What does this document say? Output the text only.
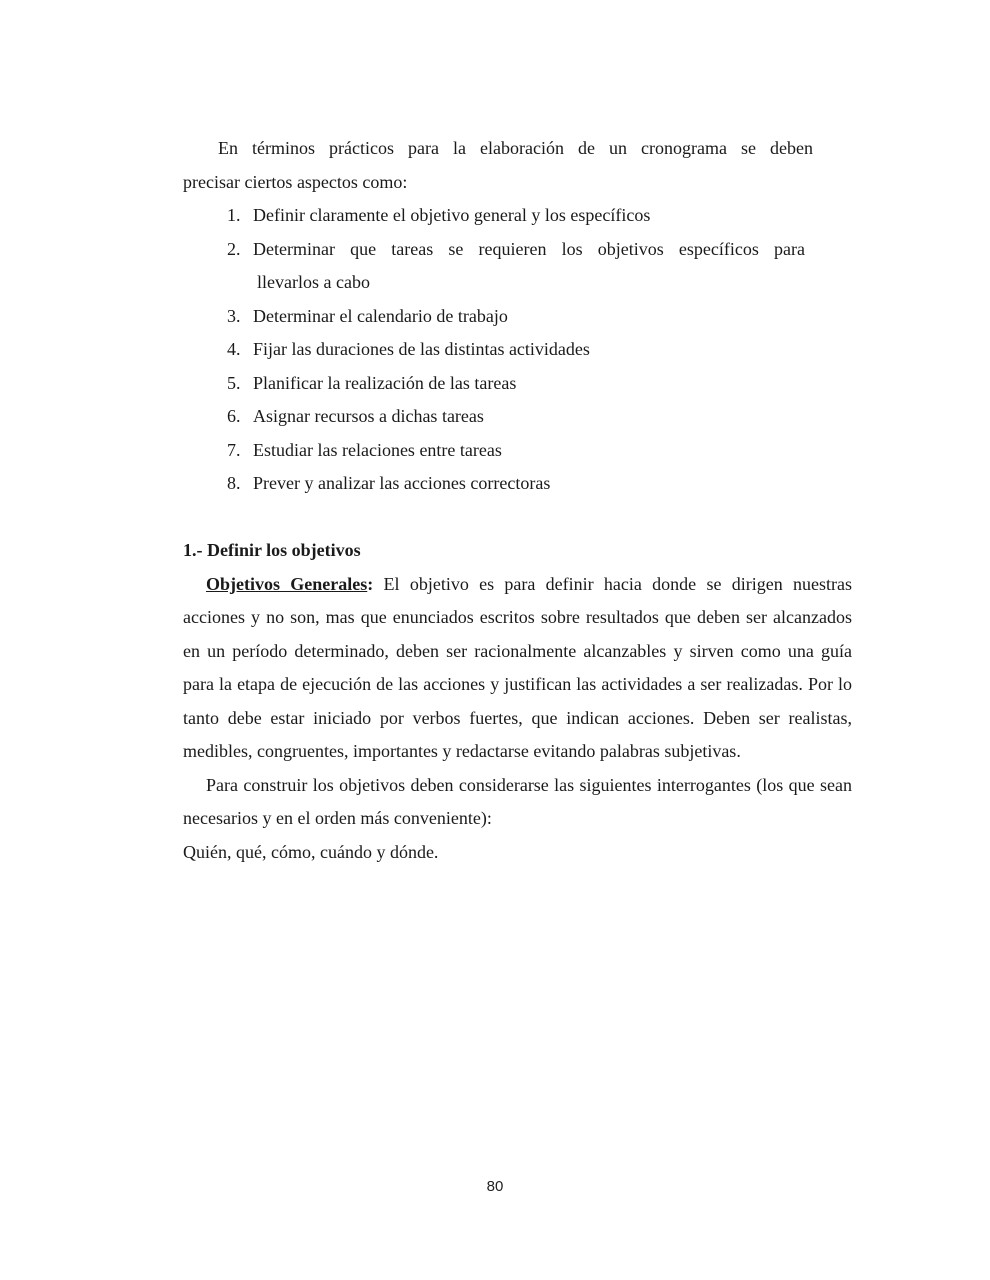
En términos prácticos para la elaboración de un cronograma se deben
precisar ciertos aspectos como:
1. Definir claramente el objetivo general y los específicos
2. Determinar que tareas se requieren los objetivos específicos para
llevarlos a cabo
3. Determinar el calendario de trabajo
4. Fijar las duraciones de las distintas actividades
5. Planificar la realización de las tareas
6. Asignar recursos a dichas tareas
7. Estudiar las relaciones entre tareas
8. Prever y analizar las acciones correctoras

1.- Definir los objetivos

Objetivos Generales: El objetivo es para definir hacia donde se dirigen nuestras acciones y no son, mas que enunciados escritos sobre resultados que deben ser alcanzados en un período determinado, deben ser racionalmente alcanzables y sirven como una guía para la etapa de ejecución de las acciones y justifican las actividades a ser realizadas. Por lo tanto debe estar iniciado por verbos fuertes, que indican acciones. Deben ser realistas, medibles, congruentes, importantes y redactarse evitando palabras subjetivas.

Para construir los objetivos deben considerarse las siguientes interrogantes (los que sean necesarios y en el orden más conveniente):

Quién, qué, cómo, cuándo y dónde.

80
